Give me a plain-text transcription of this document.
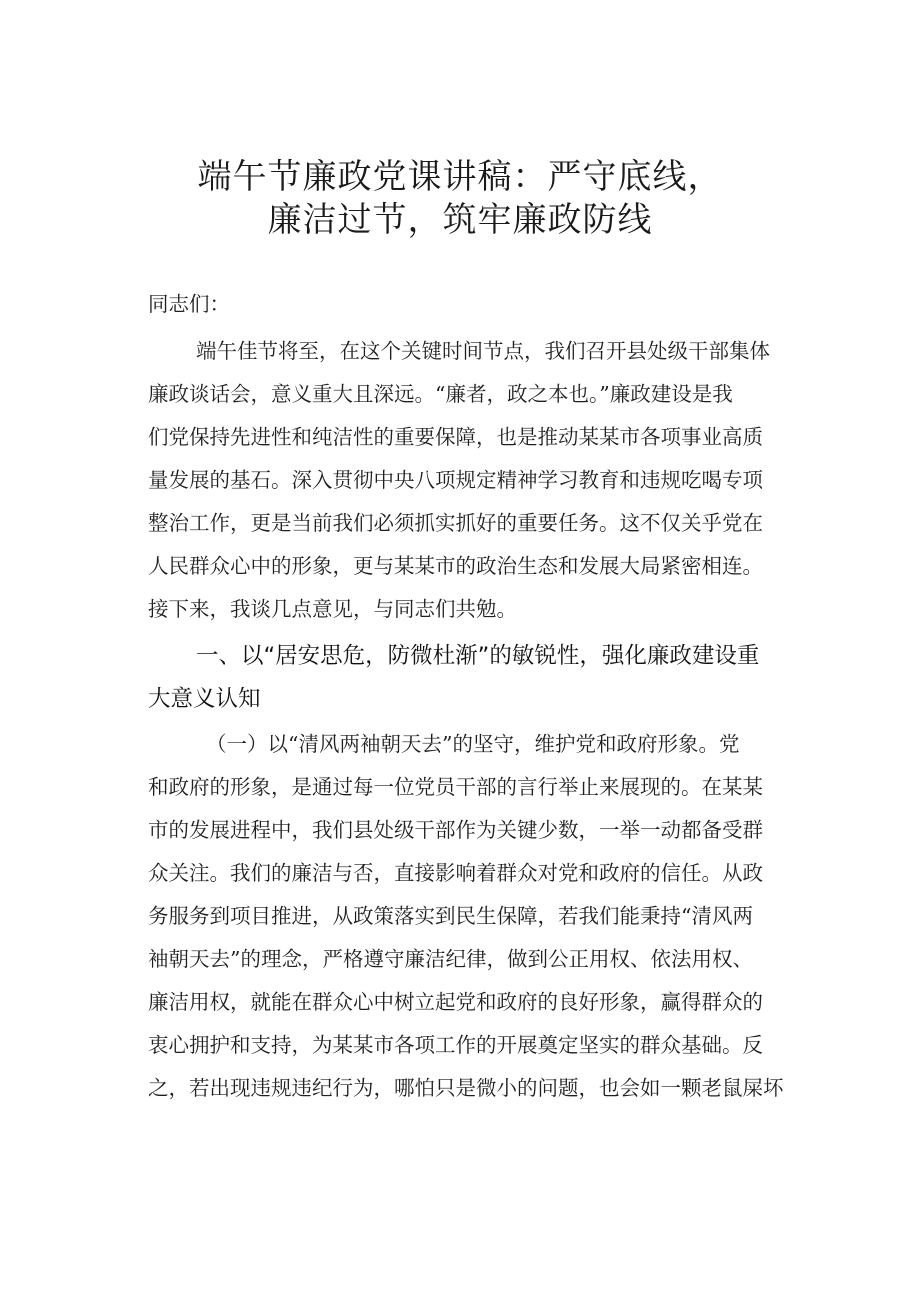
端午节廉政党课讲稿：严守底线，
廉洁过节，筑牢廉政防线
同志们：
端午佳节将至，在这个关键时间节点，我们召开县处级干部集体
廉政谈话会，意义重大且深远。“廉者，政之本也。”廉政建设是我
们党保持先进性和纯洁性的重要保障，也是推动某某市各项事业高质
量发展的基石。深入贯彻中央八项规定精神学习教育和违规吃喝专项
整治工作，更是当前我们必须抓实抓好的重要任务。这不仅关乎党在
人民群众心中的形象，更与某某市的政治生态和发展大局紧密相连。
接下来，我谈几点意见，与同志们共勉。
一、以“居安思危，防微杜渐”的敏锐性，强化廉政建设重
大意义认知
（一）以“清风两袖朝天去”的坚守，维护党和政府形象。党
和政府的形象，是通过每一位党员干部的言行举止来展现的。在某某
市的发展进程中，我们县处级干部作为关键少数，一举一动都备受群
众关注。我们的廉洁与否，直接影响着群众对党和政府的信任。从政
务服务到项目推进，从政策落实到民生保障，若我们能秉持“清风两
袖朝天去”的理念，严格遵守廉洁纪律，做到公正用权、依法用权、
廉洁用权，就能在群众心中树立起党和政府的良好形象，赢得群众的
衷心拥护和支持，为某某市各项工作的开展奠定坚实的群众基础。反
之，若出现违规违纪行为，哪怕只是微小的问题，也会如一颗老鼠屎坏
